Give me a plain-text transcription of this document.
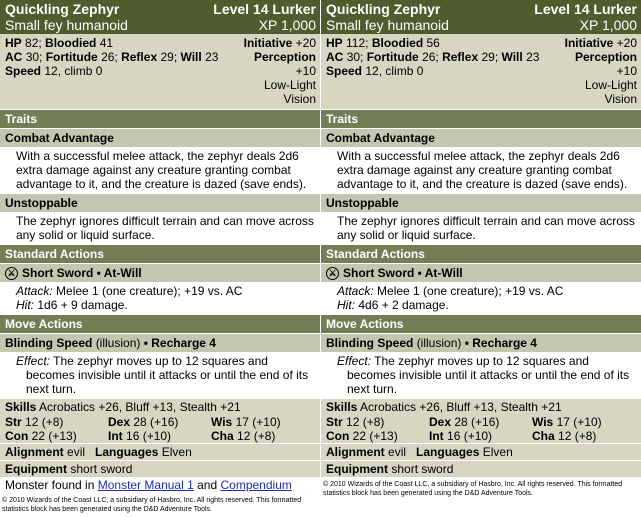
Quickling Zephyr	Level 14 Lurker
Small fey humanoid	XP 1,000
HP 82; Bloodied 41
AC 30; Fortitude 26; Reflex 29; Will 23
Speed 12, climb 0
Initiative +20
Perception
+10
Low-Light
Vision
Traits
Combat Advantage
With a successful melee attack, the zephyr deals 2d6 extra damage against any creature granting combat advantage to it, and the creature is dazed (save ends).
Unstoppable
The zephyr ignores difficult terrain and can move across any solid or liquid surface.
Standard Actions
⚔ Short Sword • At-Will
Attack: Melee 1 (one creature); +19 vs. AC
Hit: 1d6 + 9 damage.
Move Actions
Blinding Speed
(illusion)
• Recharge 4
Effect: The zephyr moves up to 12 squares and becomes invisible until it attacks or until the end of its next turn.
Skills Acrobatics +26, Bluff +13, Stealth +21
Str 12 (+8)	Dex 28 (+16)	Wis 17 (+10)
Con 22 (+13)	Int 16 (+10)	Cha 12 (+8)
Alignment evil Languages Elven
Equipment short sword
Monster found in Monster Manual 1 and Compendium
© 2010 Wizards of the Coast LLC, a subsidiary of Hasbro, Inc. All rights reserved. This formatted statistics block has been generated using the D&D Adventure Tools.
Quickling Zephyr	Level 14 Lurker
Small fey humanoid	XP 1,000
HP 112; Bloodied 56
AC 30; Fortitude 26; Reflex 29; Will 23
Speed 12, climb 0
Initiative +20
Perception
+10
Low-Light
Vision
Traits
Combat Advantage
With a successful melee attack, the zephyr deals 2d6 extra damage against any creature granting combat advantage to it, and the creature is dazed (save ends).
Unstoppable
The zephyr ignores difficult terrain and can move across any solid or liquid surface.
Standard Actions
⚔ Short Sword • At-Will
Attack: Melee 1 (one creature); +19 vs. AC
Hit: 4d6 + 2 damage.
Move Actions
Blinding Speed
(illusion)
• Recharge 4
Effect: The zephyr moves up to 12 squares and becomes invisible until it attacks or until the end of its next turn.
Skills Acrobatics +26, Bluff +13, Stealth +21
Str 12 (+8)	Dex 28 (+16)	Wis 17 (+10)
Con 22 (+13)	Int 16 (+10)	Cha 12 (+8)
Alignment evil Languages Elven
Equipment short sword
© 2010 Wizards of the Coast LLC, a subsidiary of Hasbro, Inc. All rights reserved. This formatted statistics block has been generated using the D&D Adventure Tools.
